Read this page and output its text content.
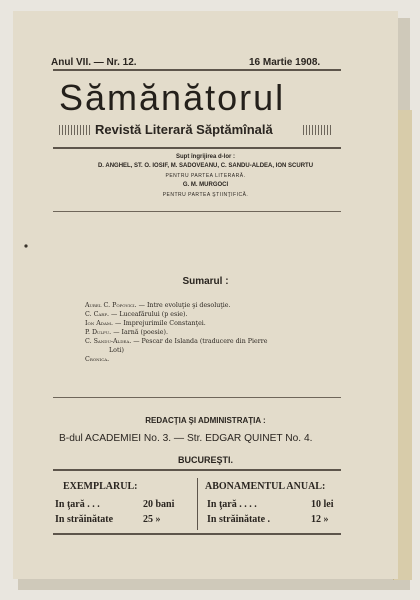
Anul VII. — Nr. 12.	16 Martie 1908.
Sămănătorul
Revistă Literară Săptămînală
Supt îngrijirea d-lor :
D. ANGHEL, ST. O. IOSIF, M. SADOVEANU, C. SANDU-ALDEA, ION SCURTU
PENTRU PARTEA LITERARĂ.
G. M. MURGOCI
PENTRU PARTEA ŞTIINŢIFICĂ.
Sumarul :
Aurel C. Popovici. — Intre evoluţie şi desoluţie.
C. Carp. — Luceafărului (p esie).
Ion Adam. — Imprejurimile Constanţei.
P. Dulfu. — Iarnă (poesie).
C. Sandu-Aldea. — Pescar de Islanda (traducere din Pierre
Loti)
Cronica.
REDACŢIA ŞI ADMINISTRAŢIA :
B-dul ACADEMIEI No. 3. — Str. EDGAR QUINET No. 4.
BUCUREŞTI.
EXEMPLARUL:
In ţară . . .	20 bani
In străinătate	25 »
ABONAMENTUL ANUAL:
In ţară . . . .	10 lei
In străinătate .	12 »
